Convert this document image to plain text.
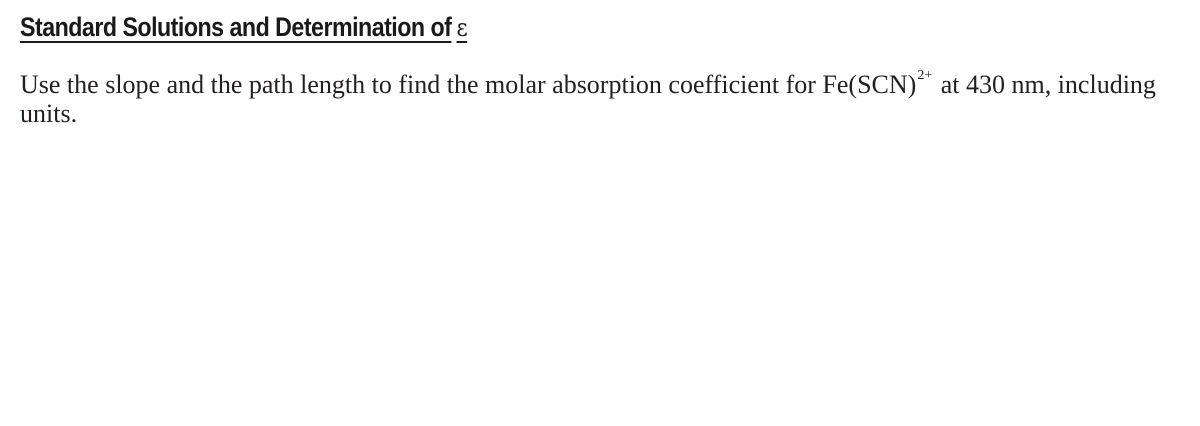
Standard Solutions and Determination of ε
Use the slope and the path length to find the molar absorption coefficient for Fe(SCN)$^{2+}$ at 430 nm, including units.
